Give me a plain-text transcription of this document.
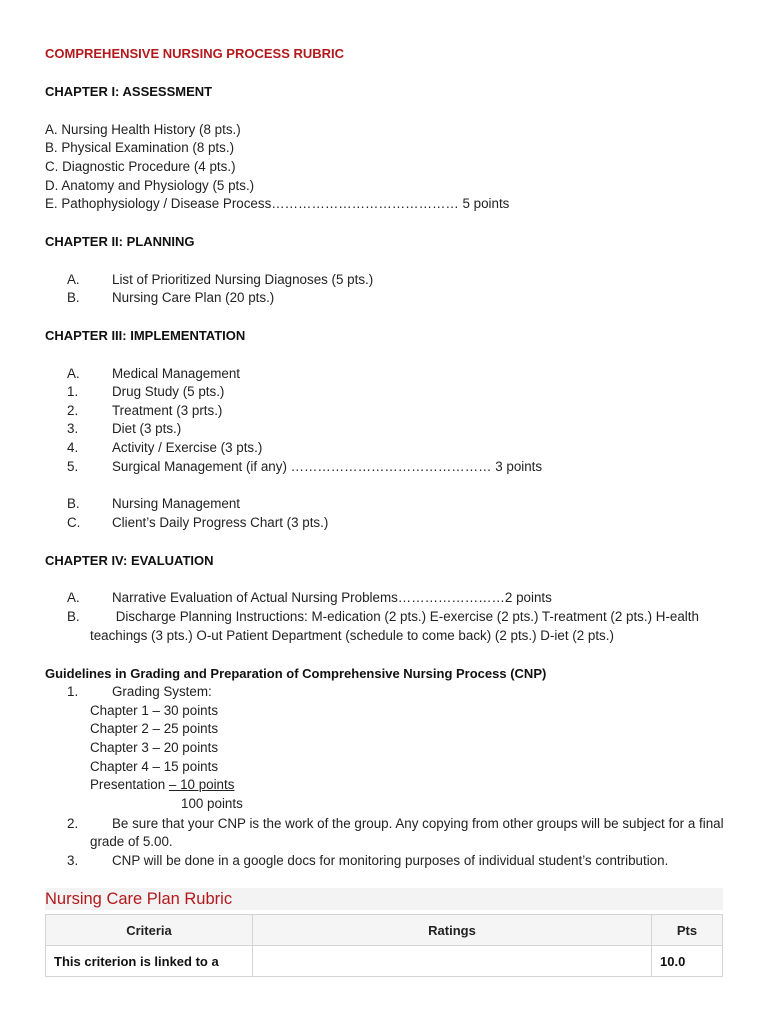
COMPREHENSIVE NURSING PROCESS RUBRIC
CHAPTER I: ASSESSMENT
A. Nursing Health History (8 pts.)
B. Physical Examination (8 pts.)
C. Diagnostic Procedure (4 pts.)
D. Anatomy and Physiology (5 pts.)
E. Pathophysiology / Disease Process…………………………………… 5 points
CHAPTER II: PLANNING
A. List of Prioritized Nursing Diagnoses (5 pts.)
B. Nursing Care Plan (20 pts.)
CHAPTER III: IMPLEMENTATION
A. Medical Management
1.	Drug Study (5 pts.)
2.	Treatment (3 prts.)
3.	Diet (3 pts.)
4.	Activity / Exercise (3 pts.)
5.	Surgical Management (if any) ……………………………………… 3 points
B. Nursing Management
C. Client’s Daily Progress Chart (3 pts.)
CHAPTER IV: EVALUATION
A. Narrative Evaluation of Actual Nursing Problems……………………2 points
B. Discharge Planning Instructions: M-edication (2 pts.) E-exercise (2 pts.) T-reatment (2 pts.) H-ealth
teachings (3 pts.) O-ut Patient Department (schedule to come back) (2 pts.) D-iet (2 pts.)
Guidelines in Grading and Preparation of Comprehensive Nursing Process (CNP)
1.	Grading System:
Chapter 1 – 30 points
Chapter 2 – 25 points
Chapter 3 – 20 points
Chapter 4 – 15 points
Presentation – 10 points
100 points
2.	Be sure that your CNP is the work of the group. Any copying from other groups will be subject for a final
grade of 5.00.
3.	CNP will be done in a google docs for monitoring purposes of individual student’s contribution.
Nursing Care Plan Rubric
Criteria	Ratings	Pts
This criterion is linked to a		10.0
